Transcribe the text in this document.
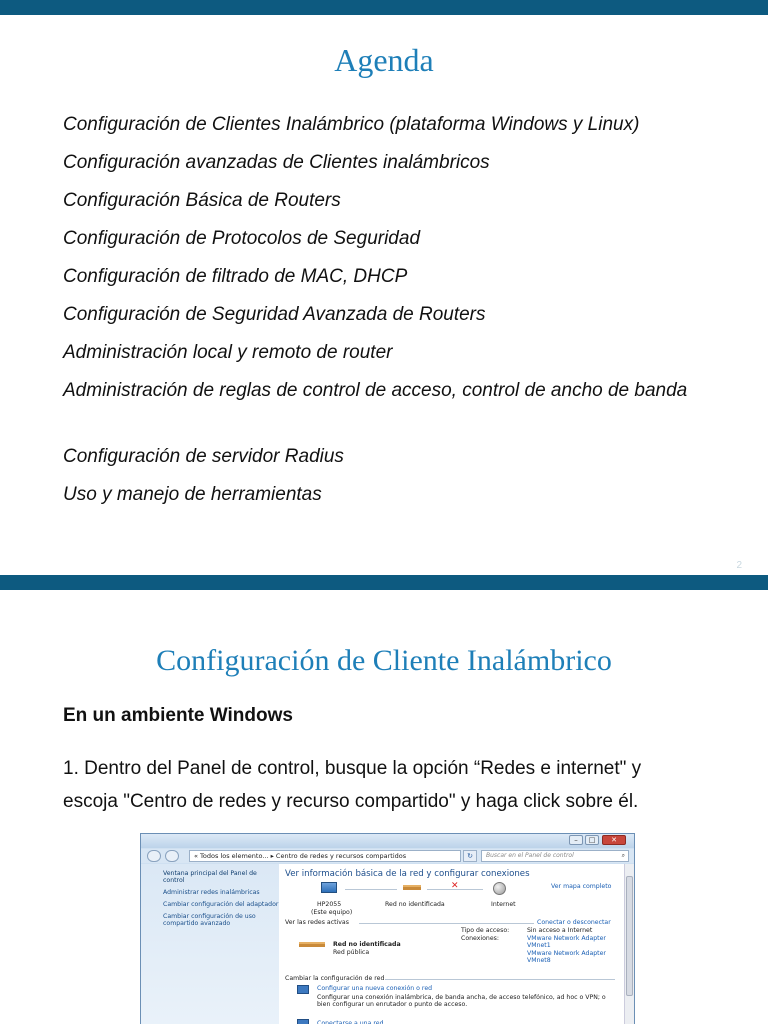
Agenda
Configuración de Clientes Inalámbrico (plataforma Windows y Linux)
Configuración avanzadas de Clientes inalámbricos
Configuración Básica de Routers
Configuración de Protocolos de Seguridad
Configuración de filtrado de MAC, DHCP
Configuración de Seguridad Avanzada de Routers
Administración local y remoto de router
Administración de reglas de control de acceso, control de ancho de banda
Configuración de servidor Radius
Uso y manejo de herramientas
2
Configuración de Cliente Inalámbrico
En un ambiente Windows
1. Dentro del Panel de control, busque la opción “Redes e internet" y
escoja "Centro de redes y recurso compartido" y haga click sobre él.
–	□	✕
« Todos los elemento... ▸ Centro de redes y recursos compartidos	↻	Buscar en el Panel de control	⌕
Ventana principal del Panel de control
Administrar redes inalámbricas
Cambiar configuración del adaptador
Cambiar configuración de uso compartido avanzado
Ver información básica de la red y configurar conexiones
Ver mapa completo
✕
HP2055
(Este equipo)
Red no identificada	Internet
Ver las redes activas	Conectar o desconectar
Red no identificada
Red pública
Tipo de acceso:	Sin acceso a Internet
Conexiones:	VMware Network Adapter VMnet1
VMware Network Adapter VMnet8
Cambiar la configuración de red
Configurar una nueva conexión o red
Configurar una conexión inalámbrica, de banda ancha, de acceso telefónico, ad hoc o VPN; o bien configurar un enrutador o punto de acceso.
Conectarse a una red
